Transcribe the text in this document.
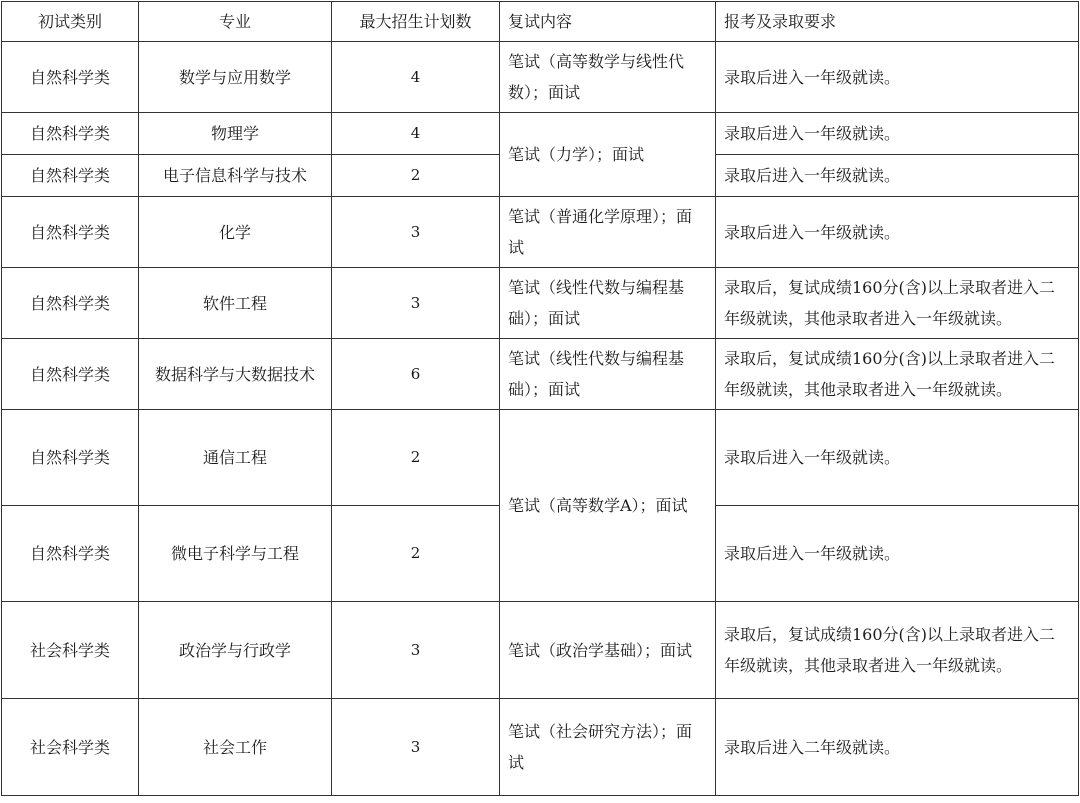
初试类别	专业	最大招生计划数	复试内容	报考及录取要求
自然科学类	数学与应用数学	4	笔试（高等数学与线性代数）；面试	录取后进入一年级就读。
自然科学类	物理学	4	笔试（力学）；面试	录取后进入一年级就读。
自然科学类	电子信息科学与技术	2		录取后进入一年级就读。
自然科学类	化学	3	笔试（普通化学原理）；面试	录取后进入一年级就读。
自然科学类	软件工程	3	笔试（线性代数与编程基础）；面试	录取后，复试成绩160分(含)以上录取者进入二年级就读，其他录取者进入一年级就读。
自然科学类	数据科学与大数据技术	6	笔试（线性代数与编程基础）；面试	录取后，复试成绩160分(含)以上录取者进入二年级就读，其他录取者进入一年级就读。
自然科学类	通信工程	2	笔试（高等数学A）；面试	录取后进入一年级就读。
自然科学类	微电子科学与工程	2		录取后进入一年级就读。
社会科学类	政治学与行政学	3	笔试（政治学基础）；面试	录取后，复试成绩160分(含)以上录取者进入二年级就读，其他录取者进入一年级就读。
社会科学类	社会工作	3	笔试（社会研究方法）；面试	录取后进入二年级就读。
